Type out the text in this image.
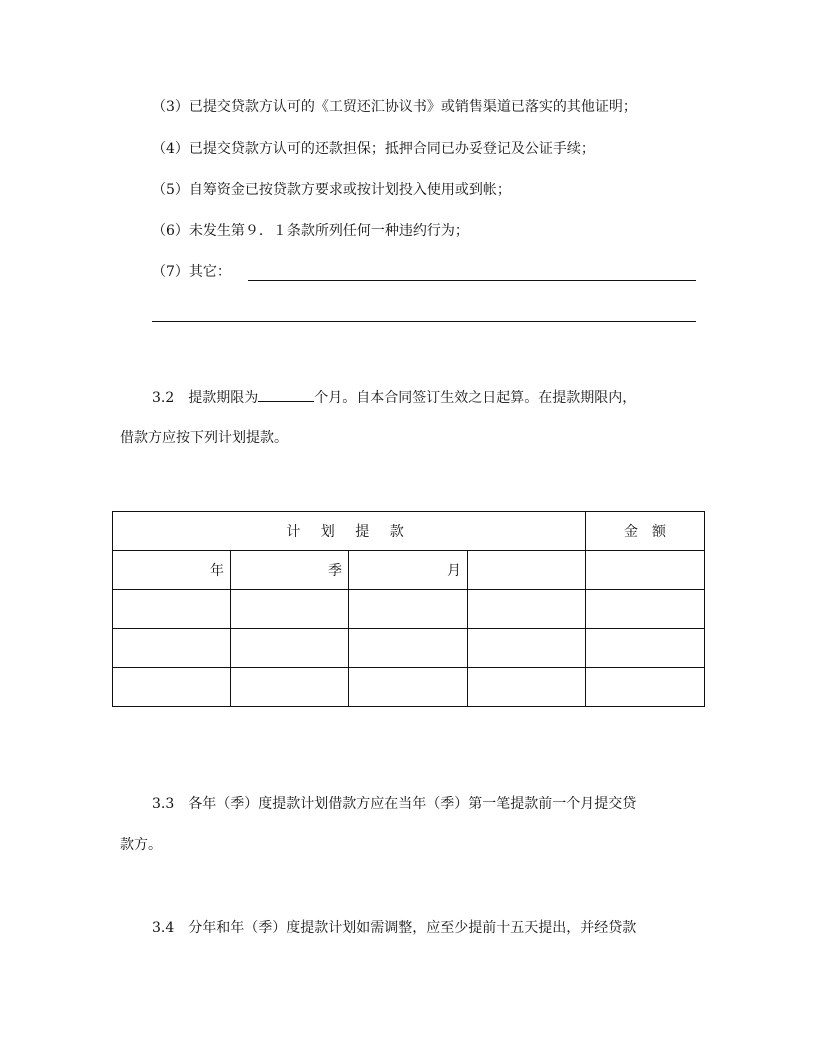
（3）已提交贷款方认可的《工贸还汇协议书》或销售渠道已落实的其他证明；
（4）已提交贷款方认可的还款担保；抵押合同已办妥登记及公证手续；
（5）自筹资金已按贷款方要求或按计划投入使用或到帐；
（6）未发生第９．１条款所列任何一种违约行为；
（7）其它：
3.2　提款期限为	个月。自本合同签订生效之日起算。在提款期限内，
借款方应按下列计划提款。
计 划 提 款				金　额
年	季	月		

3.3　各年（季）度提款计划借款方应在当年（季）第一笔提款前一个月提交贷
款方。
3.4　分年和年（季）度提款计划如需调整，应至少提前十五天提出，并经贷款
